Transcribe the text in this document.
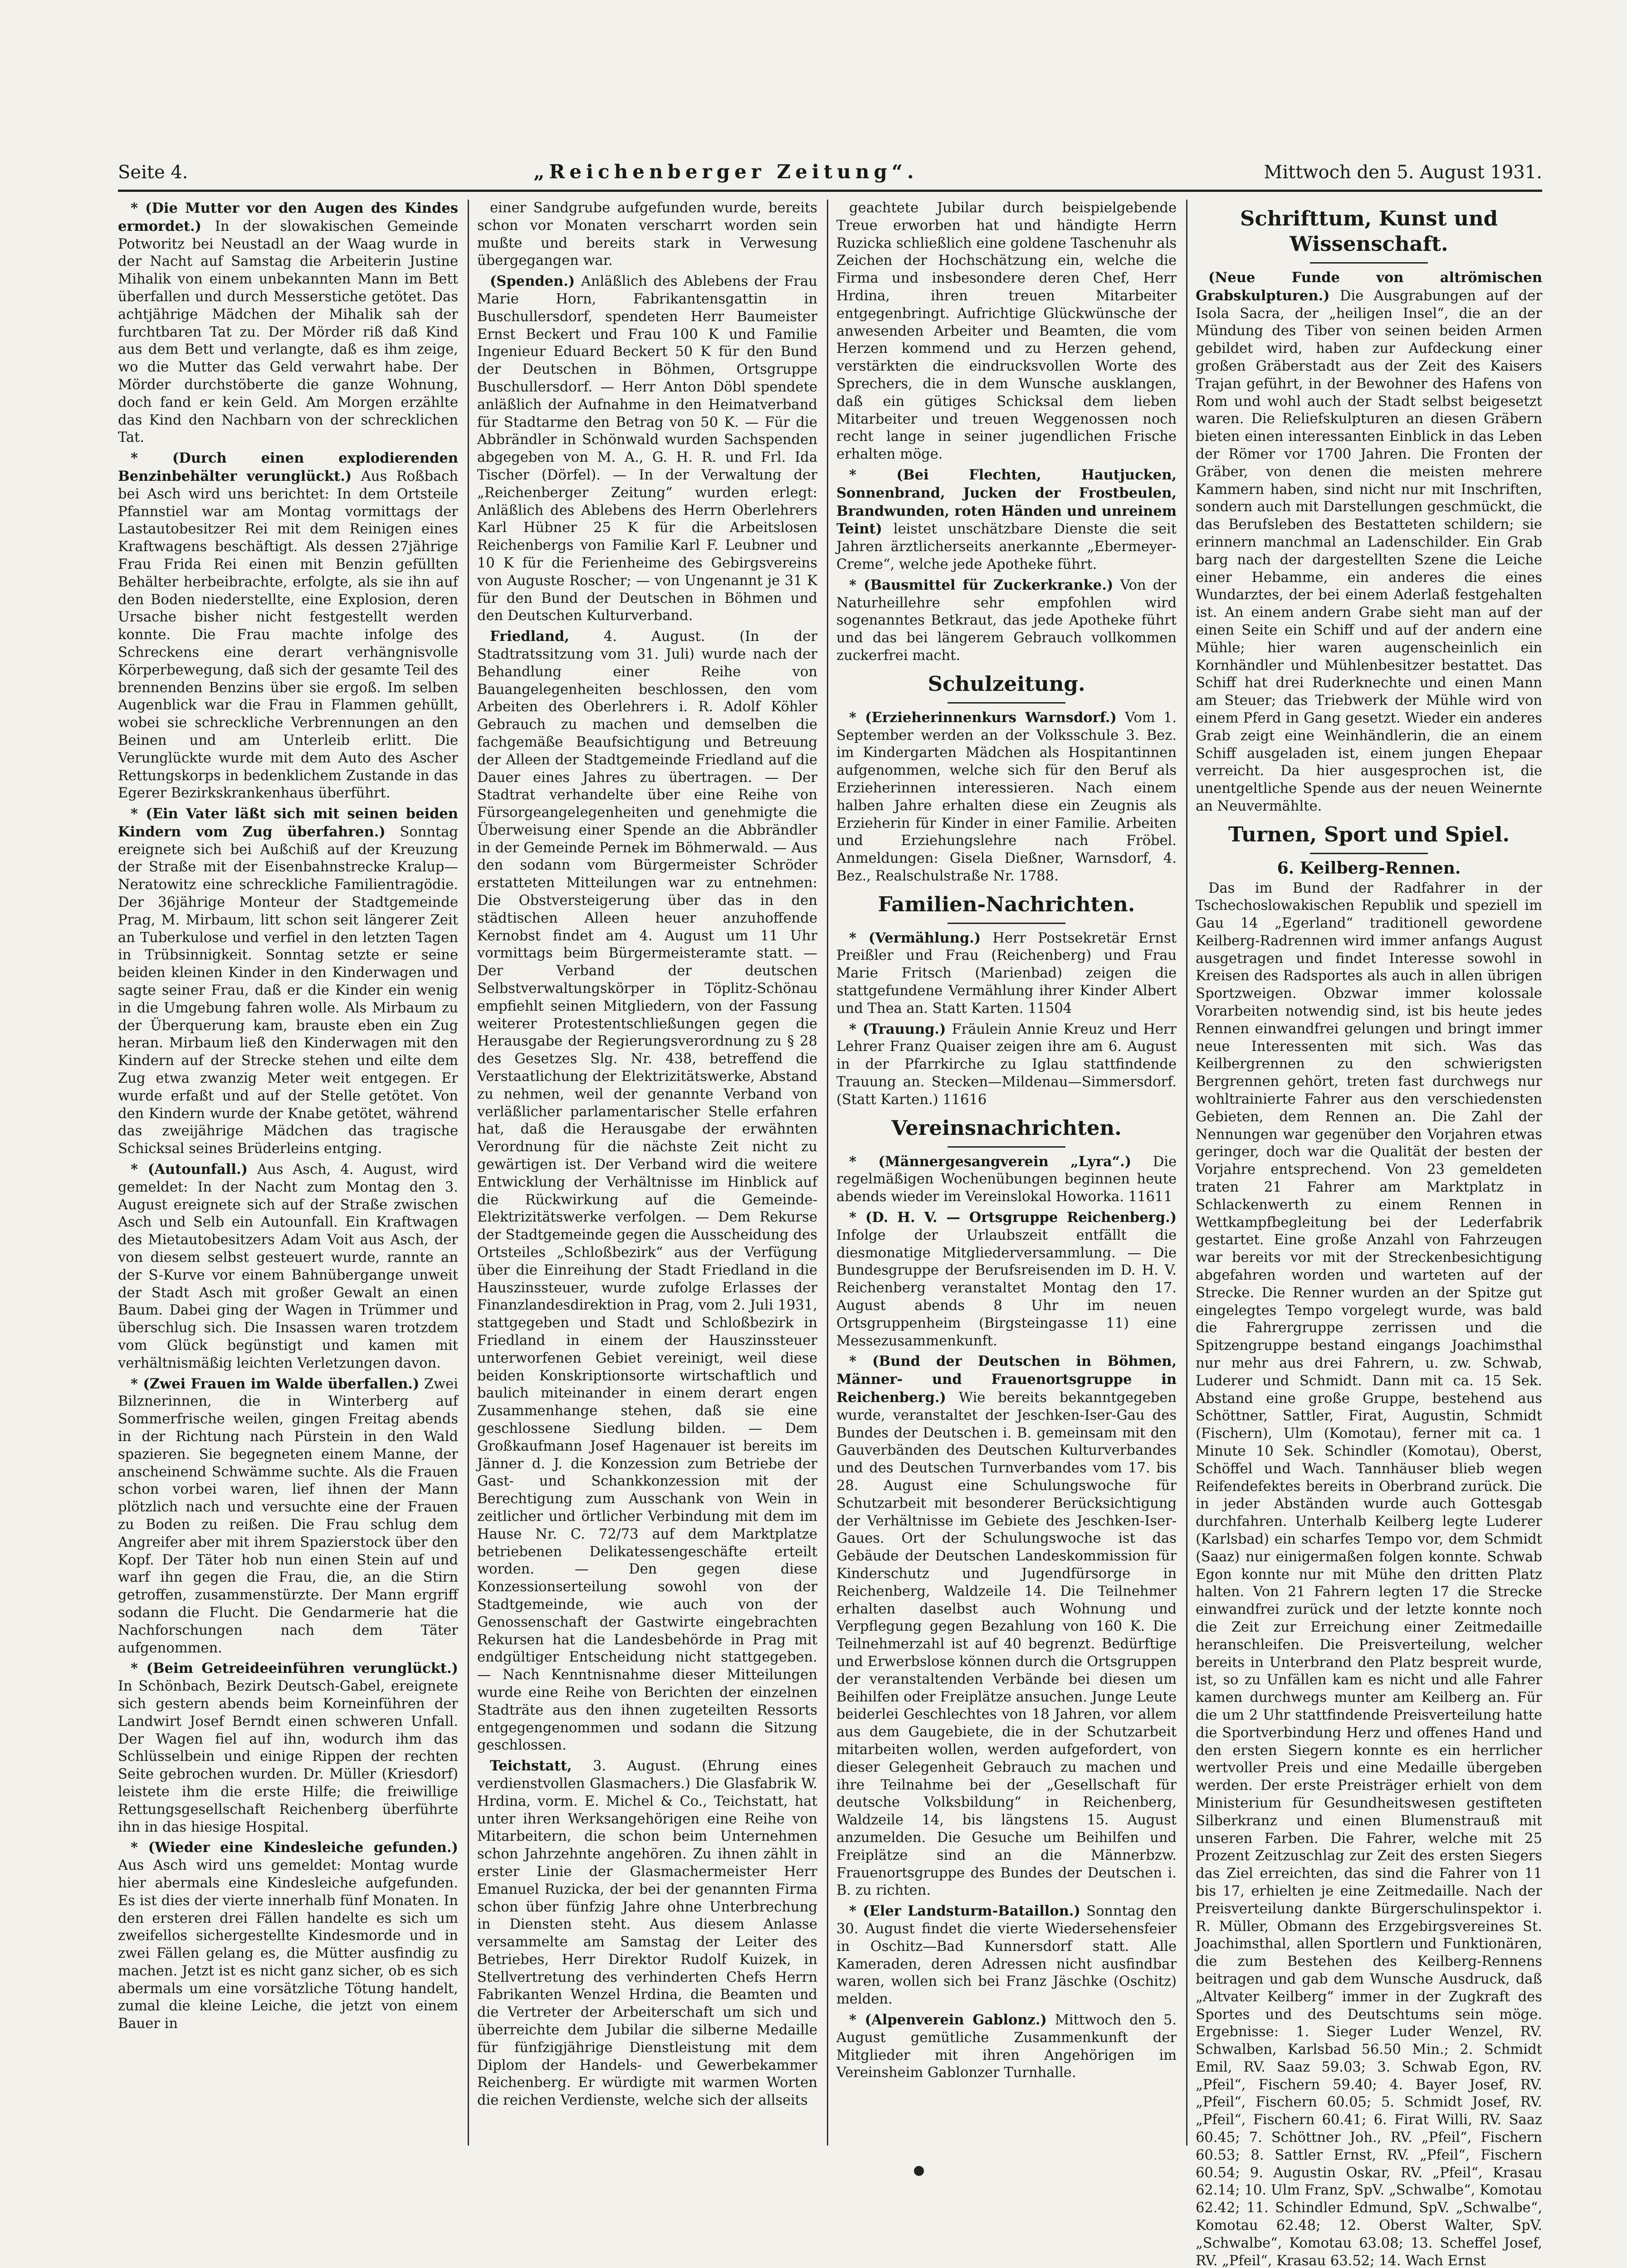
Seite 4.	„Reichenberger Zeitung“.	Mittwoch den 5. August 1931.

* (Die Mutter vor den Augen des Kindes ermordet.) In der slowakischen Gemeinde Potworitz bei Neustadl an der Waag wurde in der Nacht auf Samstag die Arbeiterin Justine Mihalik von einem unbekannten Mann im Bett überfallen und durch Messerstiche getötet. Das achtjährige Mädchen der Mihalik sah der furchtbaren Tat zu. Der Mörder riß daß Kind aus dem Bett und verlangte, daß es ihm zeige, wo die Mutter das Geld verwahrt habe. Der Mörder durchstöberte die ganze Wohnung, doch fand er kein Geld. Am Morgen erzählte das Kind den Nachbarn von der schrecklichen Tat.

* (Durch einen explodierenden Benzinbehälter verunglückt.) Aus Roßbach bei Asch wird uns berichtet: In dem Ortsteile Pfannstiel war am Montag vormittags der Lastautobesitzer Rei mit dem Reinigen eines Kraftwagens beschäftigt. Als dessen 27jährige Frau Frida Rei einen mit Benzin gefüllten Behälter herbeibrachte, erfolgte, als sie ihn auf den Boden niederstellte, eine Explosion, deren Ursache bisher nicht festgestellt werden konnte. Die Frau machte infolge des Schreckens eine derart verhängnisvolle Körperbewegung, daß sich der gesamte Teil des brennenden Benzins über sie ergoß. Im selben Augenblick war die Frau in Flammen gehüllt, wobei sie schreckliche Verbrennungen an den Beinen und am Unterleib erlitt. Die Verunglückte wurde mit dem Auto des Ascher Rettungskorps in bedenklichem Zustande in das Egerer Bezirkskrankenhaus überführt.

* (Ein Vater läßt sich mit seinen beiden Kindern vom Zug überfahren.) Sonntag ereignete sich bei Außchiß auf der Kreuzung der Straße mit der Eisenbahnstrecke Kralup—Neratowitz eine schreckliche Familientragödie. Der 36jährige Monteur der Stadtgemeinde Prag, M. Mirbaum, litt schon seit längerer Zeit an Tuberkulose und verfiel in den letzten Tagen in Trübsinnigkeit. Sonntag setzte er seine beiden kleinen Kinder in den Kinderwagen und sagte seiner Frau, daß er die Kinder ein wenig in die Umgebung fahren wolle. Als Mirbaum zu der Überquerung kam, brauste eben ein Zug heran. Mirbaum ließ den Kinderwagen mit den Kindern auf der Strecke stehen und eilte dem Zug etwa zwanzig Meter weit entgegen. Er wurde erfaßt und auf der Stelle getötet. Von den Kindern wurde der Knabe getötet, während das zweijährige Mädchen das tragische Schicksal seines Brüderleins entging.

* (Autounfall.) Aus Asch, 4. August, wird gemeldet: In der Nacht zum Montag den 3. August ereignete sich auf der Straße zwischen Asch und Selb ein Autounfall. Ein Kraftwagen des Mietautobesitzers Adam Voit aus Asch, der von diesem selbst gesteuert wurde, rannte an der S-Kurve vor einem Bahnübergange unweit der Stadt Asch mit großer Gewalt an einen Baum. Dabei ging der Wagen in Trümmer und überschlug sich. Die Insassen waren trotzdem vom Glück begünstigt und kamen mit verhältnismäßig leichten Verletzungen davon.

* (Zwei Frauen im Walde überfallen.) Zwei Bilznerinnen, die in Winterberg auf Sommerfrische weilen, gingen Freitag abends in der Richtung nach Pürstein in den Wald spazieren. Sie begegneten einem Manne, der anscheinend Schwämme suchte. Als die Frauen schon vorbei waren, lief ihnen der Mann plötzlich nach und versuchte eine der Frauen zu Boden zu reißen. Die Frau schlug dem Angreifer aber mit ihrem Spazierstock über den Kopf. Der Täter hob nun einen Stein auf und warf ihn gegen die Frau, die, an die Stirn getroffen, zusammenstürzte. Der Mann ergriff sodann die Flucht. Die Gendarmerie hat die Nachforschungen nach dem Täter aufgenommen.

* (Beim Getreideeinführen verunglückt.) In Schönbach, Bezirk Deutsch-Gabel, ereignete sich gestern abends beim Korneinführen der Landwirt Josef Berndt einen schweren Unfall. Der Wagen fiel auf ihn, wodurch ihm das Schlüsselbein und einige Rippen der rechten Seite gebrochen wurden. Dr. Müller (Kriesdorf) leistete ihm die erste Hilfe; die freiwillige Rettungsgesellschaft Reichenberg überführte ihn in das hiesige Hospital.

* (Wieder eine Kindesleiche gefunden.) Aus Asch wird uns gemeldet: Montag wurde hier abermals eine Kindesleiche aufgefunden. Es ist dies der vierte innerhalb fünf Monaten. In den ersteren drei Fällen handelte es sich um zweifellos sichergestellte Kindesmorde und in zwei Fällen gelang es, die Mütter ausfindig zu machen. Jetzt ist es nicht ganz sicher, ob es sich abermals um eine vorsätzliche Tötung handelt, zumal die kleine Leiche, die jetzt von einem Bauer in

einer Sandgrube aufgefunden wurde, bereits schon vor Monaten verscharrt worden sein mußte und bereits stark in Verwesung übergegangen war.

(Spenden.) Anläßlich des Ablebens der Frau Marie Horn, Fabrikantensgattin in Buschullersdorf, spendeten Herr Baumeister Ernst Beckert und Frau 100 K und Familie Ingenieur Eduard Beckert 50 K für den Bund der Deutschen in Böhmen, Ortsgruppe Buschullersdorf. — Herr Anton Döbl spendete anläßlich der Aufnahme in den Heimatverband für Stadtarme den Betrag von 50 K. — Für die Abbrändler in Schönwald wurden Sachspenden abgegeben von M. A., G. H. R. und Frl. Ida Tischer (Dörfel). — In der Verwaltung der „Reichenberger Zeitung“ wurden erlegt: Anläßlich des Ablebens des Herrn Oberlehrers Karl Hübner 25 K für die Arbeitslosen Reichenbergs von Familie Karl F. Leubner und 10 K für die Ferienheime des Gebirgsvereins von Auguste Roscher; — von Ungenannt je 31 K für den Bund der Deutschen in Böhmen und den Deutschen Kulturverband.

Friedland, 4. August. (In der Stadtratssitzung vom 31. Juli) wurde nach der Behandlung einer Reihe von Bauangelegenheiten beschlossen, den vom Arbeiten des Oberlehrers i. R. Adolf Köhler Gebrauch zu machen und demselben die fachgemäße Beaufsichtigung und Betreuung der Alleen der Stadtgemeinde Friedland auf die Dauer eines Jahres zu übertragen. — Der Stadtrat verhandelte über eine Reihe von Fürsorgeangelegenheiten und genehmigte die Überweisung einer Spende an die Abbrändler in der Gemeinde Pernek im Böhmerwald. — Aus den sodann vom Bürgermeister Schröder erstatteten Mitteilungen war zu entnehmen: Die Obstversteigerung über das in den städtischen Alleen heuer anzuhoffende Kernobst findet am 4. August um 11 Uhr vormittags beim Bürgermeisteramte statt. — Der Verband der deutschen Selbstverwaltungskörper in Töplitz-Schönau empfiehlt seinen Mitgliedern, von der Fassung weiterer Protestentschließungen gegen die Herausgabe der Regierungsverordnung zu § 28 des Gesetzes Slg. Nr. 438, betreffend die Verstaatlichung der Elektrizitätswerke, Abstand zu nehmen, weil der genannte Verband von verläßlicher parlamentarischer Stelle erfahren hat, daß die Herausgabe der erwähnten Verordnung für die nächste Zeit nicht zu gewärtigen ist. Der Verband wird die weitere Entwicklung der Verhältnisse im Hinblick auf die Rückwirkung auf die Gemeinde-Elektrizitätswerke verfolgen. — Dem Rekurse der Stadtgemeinde gegen die Ausscheidung des Ortsteiles „Schloßbezirk“ aus der Verfügung über die Einreihung der Stadt Friedland in die Hauszinssteuer, wurde zufolge Erlasses der Finanzlandesdirektion in Prag, vom 2. Juli 1931, stattgegeben und Stadt und Schloßbezirk in Friedland in einem der Hauszinssteuer unterworfenen Gebiet vereinigt, weil diese beiden Konskriptionsorte wirtschaftlich und baulich miteinander in einem derart engen Zusammenhange stehen, daß sie eine geschlossene Siedlung bilden. — Dem Großkaufmann Josef Hagenauer ist bereits im Jänner d. J. die Konzession zum Betriebe der Gast- und Schankkonzession mit der Berechtigung zum Ausschank von Wein in zeitlicher und örtlicher Verbindung mit dem im Hause Nr. C. 72/73 auf dem Marktplatze betriebenen Delikatessengeschäfte erteilt worden. — Den gegen diese Konzessionserteilung sowohl von der Stadtgemeinde, wie auch von der Genossenschaft der Gastwirte eingebrachten Rekursen hat die Landesbehörde in Prag mit endgültiger Entscheidung nicht stattgegeben. — Nach Kenntnisnahme dieser Mitteilungen wurde eine Reihe von Berichten der einzelnen Stadträte aus den ihnen zugeteilten Ressorts entgegengenommen und sodann die Sitzung geschlossen.

Teichstatt, 3. August. (Ehrung eines verdienstvollen Glasmachers.) Die Glasfabrik W. Hrdina, vorm. E. Michel & Co., Teichstatt, hat unter ihren Werksangehörigen eine Reihe von Mitarbeitern, die schon beim Unternehmen schon Jahrzehnte angehören. Zu ihnen zählt in erster Linie der Glasmachermeister Herr Emanuel Ruzicka, der bei der genannten Firma schon über fünfzig Jahre ohne Unterbrechung in Diensten steht. Aus diesem Anlasse versammelte am Samstag der Leiter des Betriebes, Herr Direktor Rudolf Kuizek, in Stellvertretung des verhinderten Chefs Herrn Fabrikanten Wenzel Hrdina, die Beamten und die Vertreter der Arbeiterschaft um sich und überreichte dem Jubilar die silberne Medaille für fünfzigjährige Dienstleistung mit dem Diplom der Handels- und Gewerbekammer Reichenberg. Er würdigte mit warmen Worten die reichen Verdienste, welche sich der allseits

geachtete Jubilar durch beispielgebende Treue erworben hat und händigte Herrn Ruzicka schließlich eine goldene Taschenuhr als Zeichen der Hochschätzung ein, welche die Firma und insbesondere deren Chef, Herr Hrdina, ihren treuen Mitarbeiter entgegenbringt. Aufrichtige Glückwünsche der anwesenden Arbeiter und Beamten, die vom Herzen kommend und zu Herzen gehend, verstärkten die eindrucksvollen Worte des Sprechers, die in dem Wunsche ausklangen, daß ein gütiges Schicksal dem lieben Mitarbeiter und treuen Weggenossen noch recht lange in seiner jugendlichen Frische erhalten möge.

* (Bei Flechten, Hautjucken, Sonnenbrand, Jucken der Frostbeulen, Brandwunden, roten Händen und unreinem Teint) leistet unschätzbare Dienste die seit Jahren ärztlicherseits anerkannte „Ebermeyer-Creme“, welche jede Apotheke führt.

* (Bausmittel für Zuckerkranke.) Von der Naturheillehre sehr empfohlen wird sogenanntes Betkraut, das jede Apotheke führt und das bei längerem Gebrauch vollkommen zuckerfrei macht.

Schulzeitung.

* (Erzieherinnenkurs Warnsdorf.) Vom 1. September werden an der Volksschule 3. Bez. im Kindergarten Mädchen als Hospitantinnen aufgenommen, welche sich für den Beruf als Erzieherinnen interessieren. Nach einem halben Jahre erhalten diese ein Zeugnis als Erzieherin für Kinder in einer Familie. Arbeiten und Erziehungslehre nach Fröbel. Anmeldungen: Gisela Dießner, Warnsdorf, 4. Bez., Realschulstraße Nr. 1788.

Familien-Nachrichten.

* (Vermählung.) Herr Postsekretär Ernst Preißler und Frau (Reichenberg) und Frau Marie Fritsch (Marienbad) zeigen die stattgefundene Vermählung ihrer Kinder Albert und Thea an. Statt Karten. 11504

* (Trauung.) Fräulein Annie Kreuz und Herr Lehrer Franz Quaiser zeigen ihre am 6. August in der Pfarrkirche zu Iglau stattfindende Trauung an. Stecken—Mildenau—Simmersdorf. (Statt Karten.) 11616

Vereinsnachrichten.

* (Männergesangverein „Lyra“.) Die regelmäßigen Wochenübungen beginnen heute abends wieder im Vereinslokal Howorka. 11611

* (D. H. V. — Ortsgruppe Reichenberg.) Infolge der Urlaubszeit entfällt die diesmonatige Mitgliederversammlung. — Die Bundesgruppe der Berufsreisenden im D. H. V. Reichenberg veranstaltet Montag den 17. August abends 8 Uhr im neuen Ortsgruppenheim (Birgsteingasse 11) eine Messezusammenkunft.

* (Bund der Deutschen in Böhmen, Männer- und Frauenortsgruppe in Reichenberg.) Wie bereits bekanntgegeben wurde, veranstaltet der Jeschken-Iser-Gau des Bundes der Deutschen i. B. gemeinsam mit den Gauverbänden des Deutschen Kulturverbandes und des Deutschen Turnverbandes vom 17. bis 28. August eine Schulungswoche für Schutzarbeit mit besonderer Berücksichtigung der Verhältnisse im Gebiete des Jeschken-Iser-Gaues. Ort der Schulungswoche ist das Gebäude der Deutschen Landeskommission für Kinderschutz und Jugendfürsorge in Reichenberg, Waldzeile 14. Die Teilnehmer erhalten daselbst auch Wohnung und Verpflegung gegen Bezahlung von 160 K. Die Teilnehmerzahl ist auf 40 begrenzt. Bedürftige und Erwerbslose können durch die Ortsgruppen der veranstaltenden Verbände bei diesen um Beihilfen oder Freiplätze ansuchen. Junge Leute beiderlei Geschlechtes von 18 Jahren, vor allem aus dem Gaugebiete, die in der Schutzarbeit mitarbeiten wollen, werden aufgefordert, von dieser Gelegenheit Gebrauch zu machen und ihre Teilnahme bei der „Gesellschaft für deutsche Volksbildung“ in Reichenberg, Waldzeile 14, bis längstens 15. August anzumelden. Die Gesuche um Beihilfen und Freiplätze sind an die Männerbzw. Frauenortsgruppe des Bundes der Deutschen i. B. zu richten.

* (Eler Landsturm-Bataillon.) Sonntag den 30. August findet die vierte Wiedersehensfeier in Oschitz—Bad Kunnersdorf statt. Alle Kameraden, deren Adressen nicht ausfindbar waren, wollen sich bei Franz Jäschke (Oschitz) melden.

* (Alpenverein Gablonz.) Mittwoch den 5. August gemütliche Zusammenkunft der Mitglieder mit ihren Angehörigen im Vereinsheim Gablonzer Turnhalle.

Schrifttum, Kunst und Wissenschaft.

(Neue Funde von altrömischen Grabskulpturen.) Die Ausgrabungen auf der Isola Sacra, der „heiligen Insel“, die an der Mündung des Tiber von seinen beiden Armen gebildet wird, haben zur Aufdeckung einer großen Gräberstadt aus der Zeit des Kaisers Trajan geführt, in der Bewohner des Hafens von Rom und wohl auch der Stadt selbst beigesetzt waren. Die Reliefskulpturen an diesen Gräbern bieten einen interessanten Einblick in das Leben der Römer vor 1700 Jahren. Die Fronten der Gräber, von denen die meisten mehrere Kammern haben, sind nicht nur mit Inschriften, sondern auch mit Darstellungen geschmückt, die das Berufsleben des Bestatteten schildern; sie erinnern manchmal an Ladenschilder. Ein Grab barg nach der dargestellten Szene die Leiche einer Hebamme, ein anderes die eines Wundarztes, der bei einem Aderlaß festgehalten ist. An einem andern Grabe sieht man auf der einen Seite ein Schiff und auf der andern eine Mühle; hier waren augenscheinlich ein Kornhändler und Mühlenbesitzer bestattet. Das Schiff hat drei Ruderknechte und einen Mann am Steuer; das Triebwerk der Mühle wird von einem Pferd in Gang gesetzt. Wieder ein anderes Grab zeigt eine Weinhändlerin, die an einem Schiff ausgeladen ist, einem jungen Ehepaar verreicht. Da hier ausgesprochen ist, die unentgeltliche Spende aus der neuen Weinernte an Neuvermählte.

Turnen, Sport und Spiel.
6. Keilberg-Rennen.

Das im Bund der Radfahrer in der Tschechoslowakischen Republik und speziell im Gau 14 „Egerland“ traditionell gewordene Keilberg-Radrennen wird immer anfangs August ausgetragen und findet Interesse sowohl in Kreisen des Radsportes als auch in allen übrigen Sportzweigen. Obzwar immer kolossale Vorarbeiten notwendig sind, ist bis heute jedes Rennen einwandfrei gelungen und bringt immer neue Interessenten mit sich. Was das Keilbergrennen zu den schwierigsten Bergrennen gehört, treten fast durchwegs nur wohltrainierte Fahrer aus den verschiedensten Gebieten, dem Rennen an. Die Zahl der Nennungen war gegenüber den Vorjahren etwas geringer, doch war die Qualität der besten der Vorjahre entsprechend. Von 23 gemeldeten traten 21 Fahrer am Marktplatz in Schlackenwerth zu einem Rennen in Wettkampfbegleitung bei der Lederfabrik gestartet. Eine große Anzahl von Fahrzeugen war bereits vor mit der Streckenbesichtigung abgefahren worden und warteten auf der Strecke. Die Renner wurden an der Spitze gut eingelegtes Tempo vorgelegt wurde, was bald die Fahrergruppe zerrissen und die Spitzengruppe bestand eingangs Joachimsthal nur mehr aus drei Fahrern, u. zw. Schwab, Luderer und Schmidt. Dann mit ca. 15 Sek. Abstand eine große Gruppe, bestehend aus Schöttner, Sattler, Firat, Augustin, Schmidt (Fischern), Ulm (Komotau), ferner mit ca. 1 Minute 10 Sek. Schindler (Komotau), Oberst, Schöffel und Wach. Tannhäuser blieb wegen Reifendefektes bereits in Oberbrand zurück. Die in jeder Abständen wurde auch Gottesgab durchfahren. Unterhalb Keilberg legte Luderer (Karlsbad) ein scharfes Tempo vor, dem Schmidt (Saaz) nur einigermaßen folgen konnte. Schwab Egon konnte nur mit Mühe den dritten Platz halten. Von 21 Fahrern legten 17 die Strecke einwandfrei zurück und der letzte konnte noch die Zeit zur Erreichung einer Zeitmedaille heranschleifen. Die Preisverteilung, welcher bereits in Unterbrand den Platz bespreit wurde, ist, so zu Unfällen kam es nicht und alle Fahrer kamen durchwegs munter am Keilberg an. Für die um 2 Uhr stattfindende Preisverteilung hatte die Sportverbindung Herz und offenes Hand und den ersten Siegern konnte es ein herrlicher wertvoller Preis und eine Medaille übergeben werden. Der erste Preisträger erhielt von dem Ministerium für Gesundheitswesen gestifteten Silberkranz und einen Blumenstrauß mit unseren Farben. Die Fahrer, welche mit 25 Prozent Zeitzuschlag zur Zeit des ersten Siegers das Ziel erreichten, das sind die Fahrer von 11 bis 17, erhielten je eine Zeitmedaille. Nach der Preisverteilung dankte Bürgerschulinspektor i. R. Müller, Obmann des Erzgebirgsvereines St. Joachimsthal, allen Sportlern und Funktionären, die zum Bestehen des Keilberg-Rennens beitragen und gab dem Wunsche Ausdruck, daß „Altvater Keilberg“ immer in der Zugkraft des Sportes und des Deutschtums sein möge. Ergebnisse: 1. Sieger Luder Wenzel, RV. Schwalben, Karlsbad 56.50 Min.; 2. Schmidt Emil, RV. Saaz 59.03; 3. Schwab Egon, RV. „Pfeil“, Fischern 59.40; 4. Bayer Josef, RV. „Pfeil“, Fischern 60.05; 5. Schmidt Josef, RV. „Pfeil“, Fischern 60.41; 6. Firat Willi, RV. Saaz 60.45; 7. Schöttner Joh., RV. „Pfeil“, Fischern 60.53; 8. Sattler Ernst, RV. „Pfeil“, Fischern 60.54; 9. Augustin Oskar, RV. „Pfeil“, Krasau 62.14; 10. Ulm Franz, SpV. „Schwalbe“, Komotau 62.42; 11. Schindler Edmund, SpV. „Schwalbe“, Komotau 62.48; 12. Oberst Walter, SpV. „Schwalbe“, Komotau 63.08; 13. Scheffel Josef, RV. „Pfeil“, Krasau 63.52; 14. Wach Ernst
